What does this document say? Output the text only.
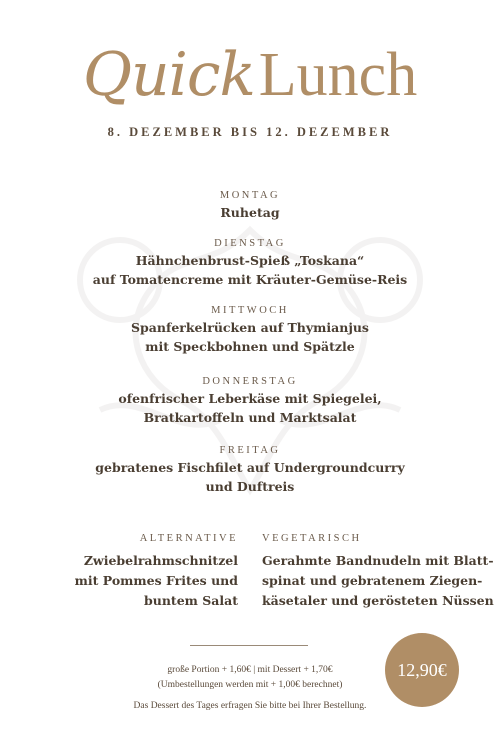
QuickLunch
8. DEZEMBER BIS 12. DEZEMBER
MONTAG
Ruhetag
DIENSTAG
Hähnchenbrust-Spieß „Toskana“
auf Tomatencreme mit Kräuter-Gemüse-Reis
MITTWOCH
Spanferkelrücken auf Thymianjus
mit Speckbohnen und Spätzle
DONNERSTAG
ofenfrischer Leberkäse mit Spiegelei,
Bratkartoffeln und Marktsalat
FREITAG
gebratenes Fischfilet auf Undergroundcurry
und Duftreis
ALTERNATIVE
Zwiebelrahmschnitzel
mit Pommes Frites und
buntem Salat
VEGETARISCH
Gerahmte Bandnudeln mit Blatt-
spinat und gebratenem Ziegen-
käsetaler und gerösteten Nüssen
große Portion + 1,60€ | mit Dessert + 1,70€
(Umbestellungen werden mit + 1,00€ berechnet)
Das Dessert des Tages erfragen Sie bitte bei Ihrer Bestellung.
12,90€
